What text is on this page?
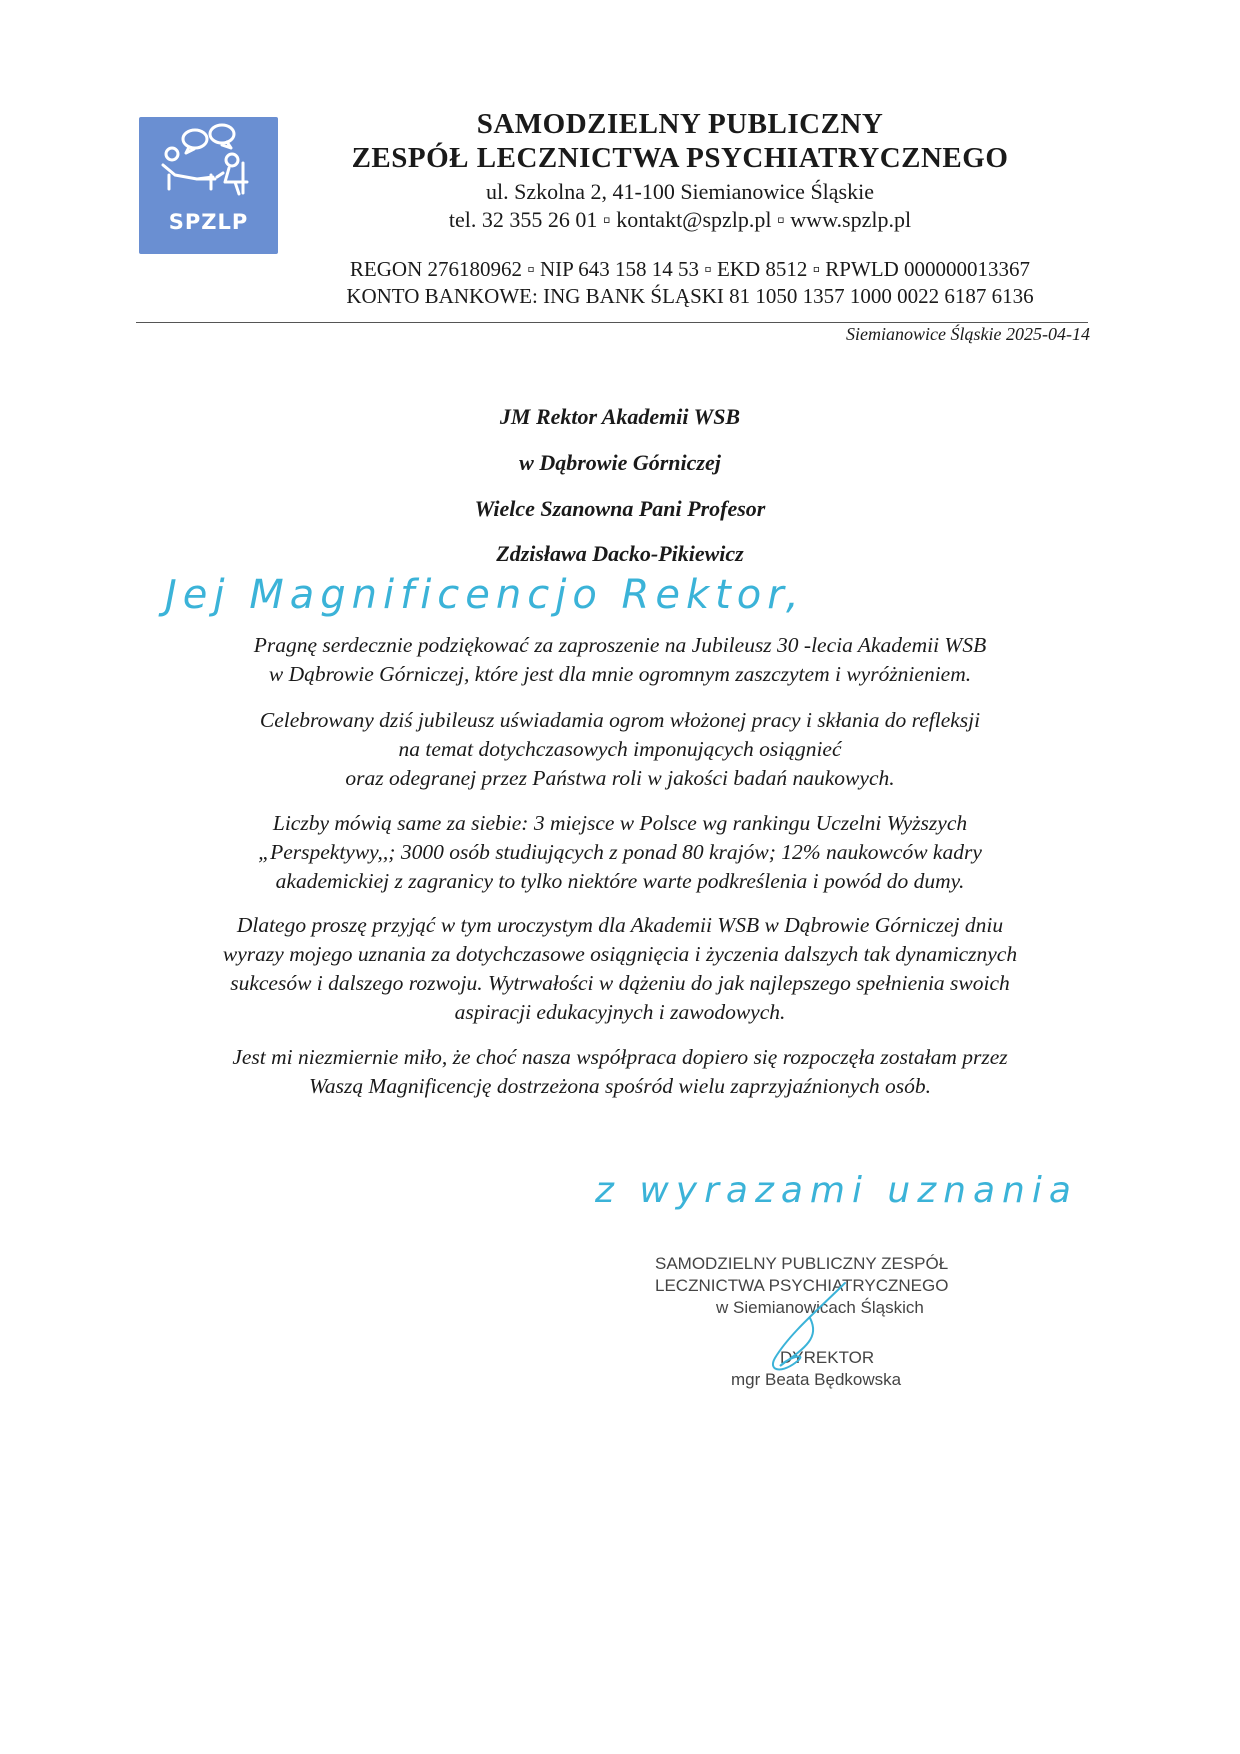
SPZLP
SAMODZIELNY PUBLICZNY
ZESPÓŁ LECZNICTWA PSYCHIATRYCZNEGO
ul. Szkolna 2, 41-100 Siemianowice Śląskie
tel. 32 355 26 01 ▫ kontakt@spzlp.pl ▫ www.spzlp.pl
REGON 276180962 ▫ NIP 643 158 14 53 ▫ EKD 8512 ▫ RPWLD 000000013367
KONTO BANKOWE: ING BANK ŚLĄSKI 81 1050 1357 1000 0022 6187 6136
Siemianowice Śląskie 2025-04-14
JM Rektor Akademii WSB
w Dąbrowie Górniczej
Wielce Szanowna Pani Profesor
Zdzisława Dacko-Pikiewicz
Jej Magnificencjo Rektor,
Pragnę serdecznie podziękować za zaproszenie na Jubileusz 30 -lecia Akademii WSB
w Dąbrowie Górniczej, które jest dla mnie ogromnym zaszczytem i wyróżnieniem.
Celebrowany dziś jubileusz uświadamia ogrom włożonej pracy i skłania do refleksji
na temat dotychczasowych imponujących osiągnieć
oraz odegranej przez Państwa roli w jakości badań naukowych.
Liczby mówią same za siebie: 3 miejsce w Polsce wg rankingu Uczelni Wyższych
„Perspektywy,,; 3000 osób studiujących z ponad 80 krajów; 12% naukowców kadry
akademickiej z zagranicy to tylko niektóre warte podkreślenia i powód do dumy.
Dlatego proszę przyjąć w tym uroczystym dla Akademii WSB w Dąbrowie Górniczej dniu
wyrazy mojego uznania za dotychczasowe osiągnięcia i życzenia dalszych tak dynamicznych
sukcesów i dalszego rozwoju. Wytrwałości w dążeniu do jak najlepszego spełnienia swoich
aspiracji edukacyjnych i zawodowych.
Jest mi niezmiernie miło, że choć nasza współpraca dopiero się rozpoczęła zostałam przez
Waszą Magnificencję dostrzeżona spośród wielu zaprzyjaźnionych osób.
z wyrazami uznania
SAMODZIELNY PUBLICZNY ZESPÓŁ
LECZNICTWA PSYCHIATRYCZNEGO
w Siemianowicach Śląskich
DYREKTOR
mgr Beata Będkowska
